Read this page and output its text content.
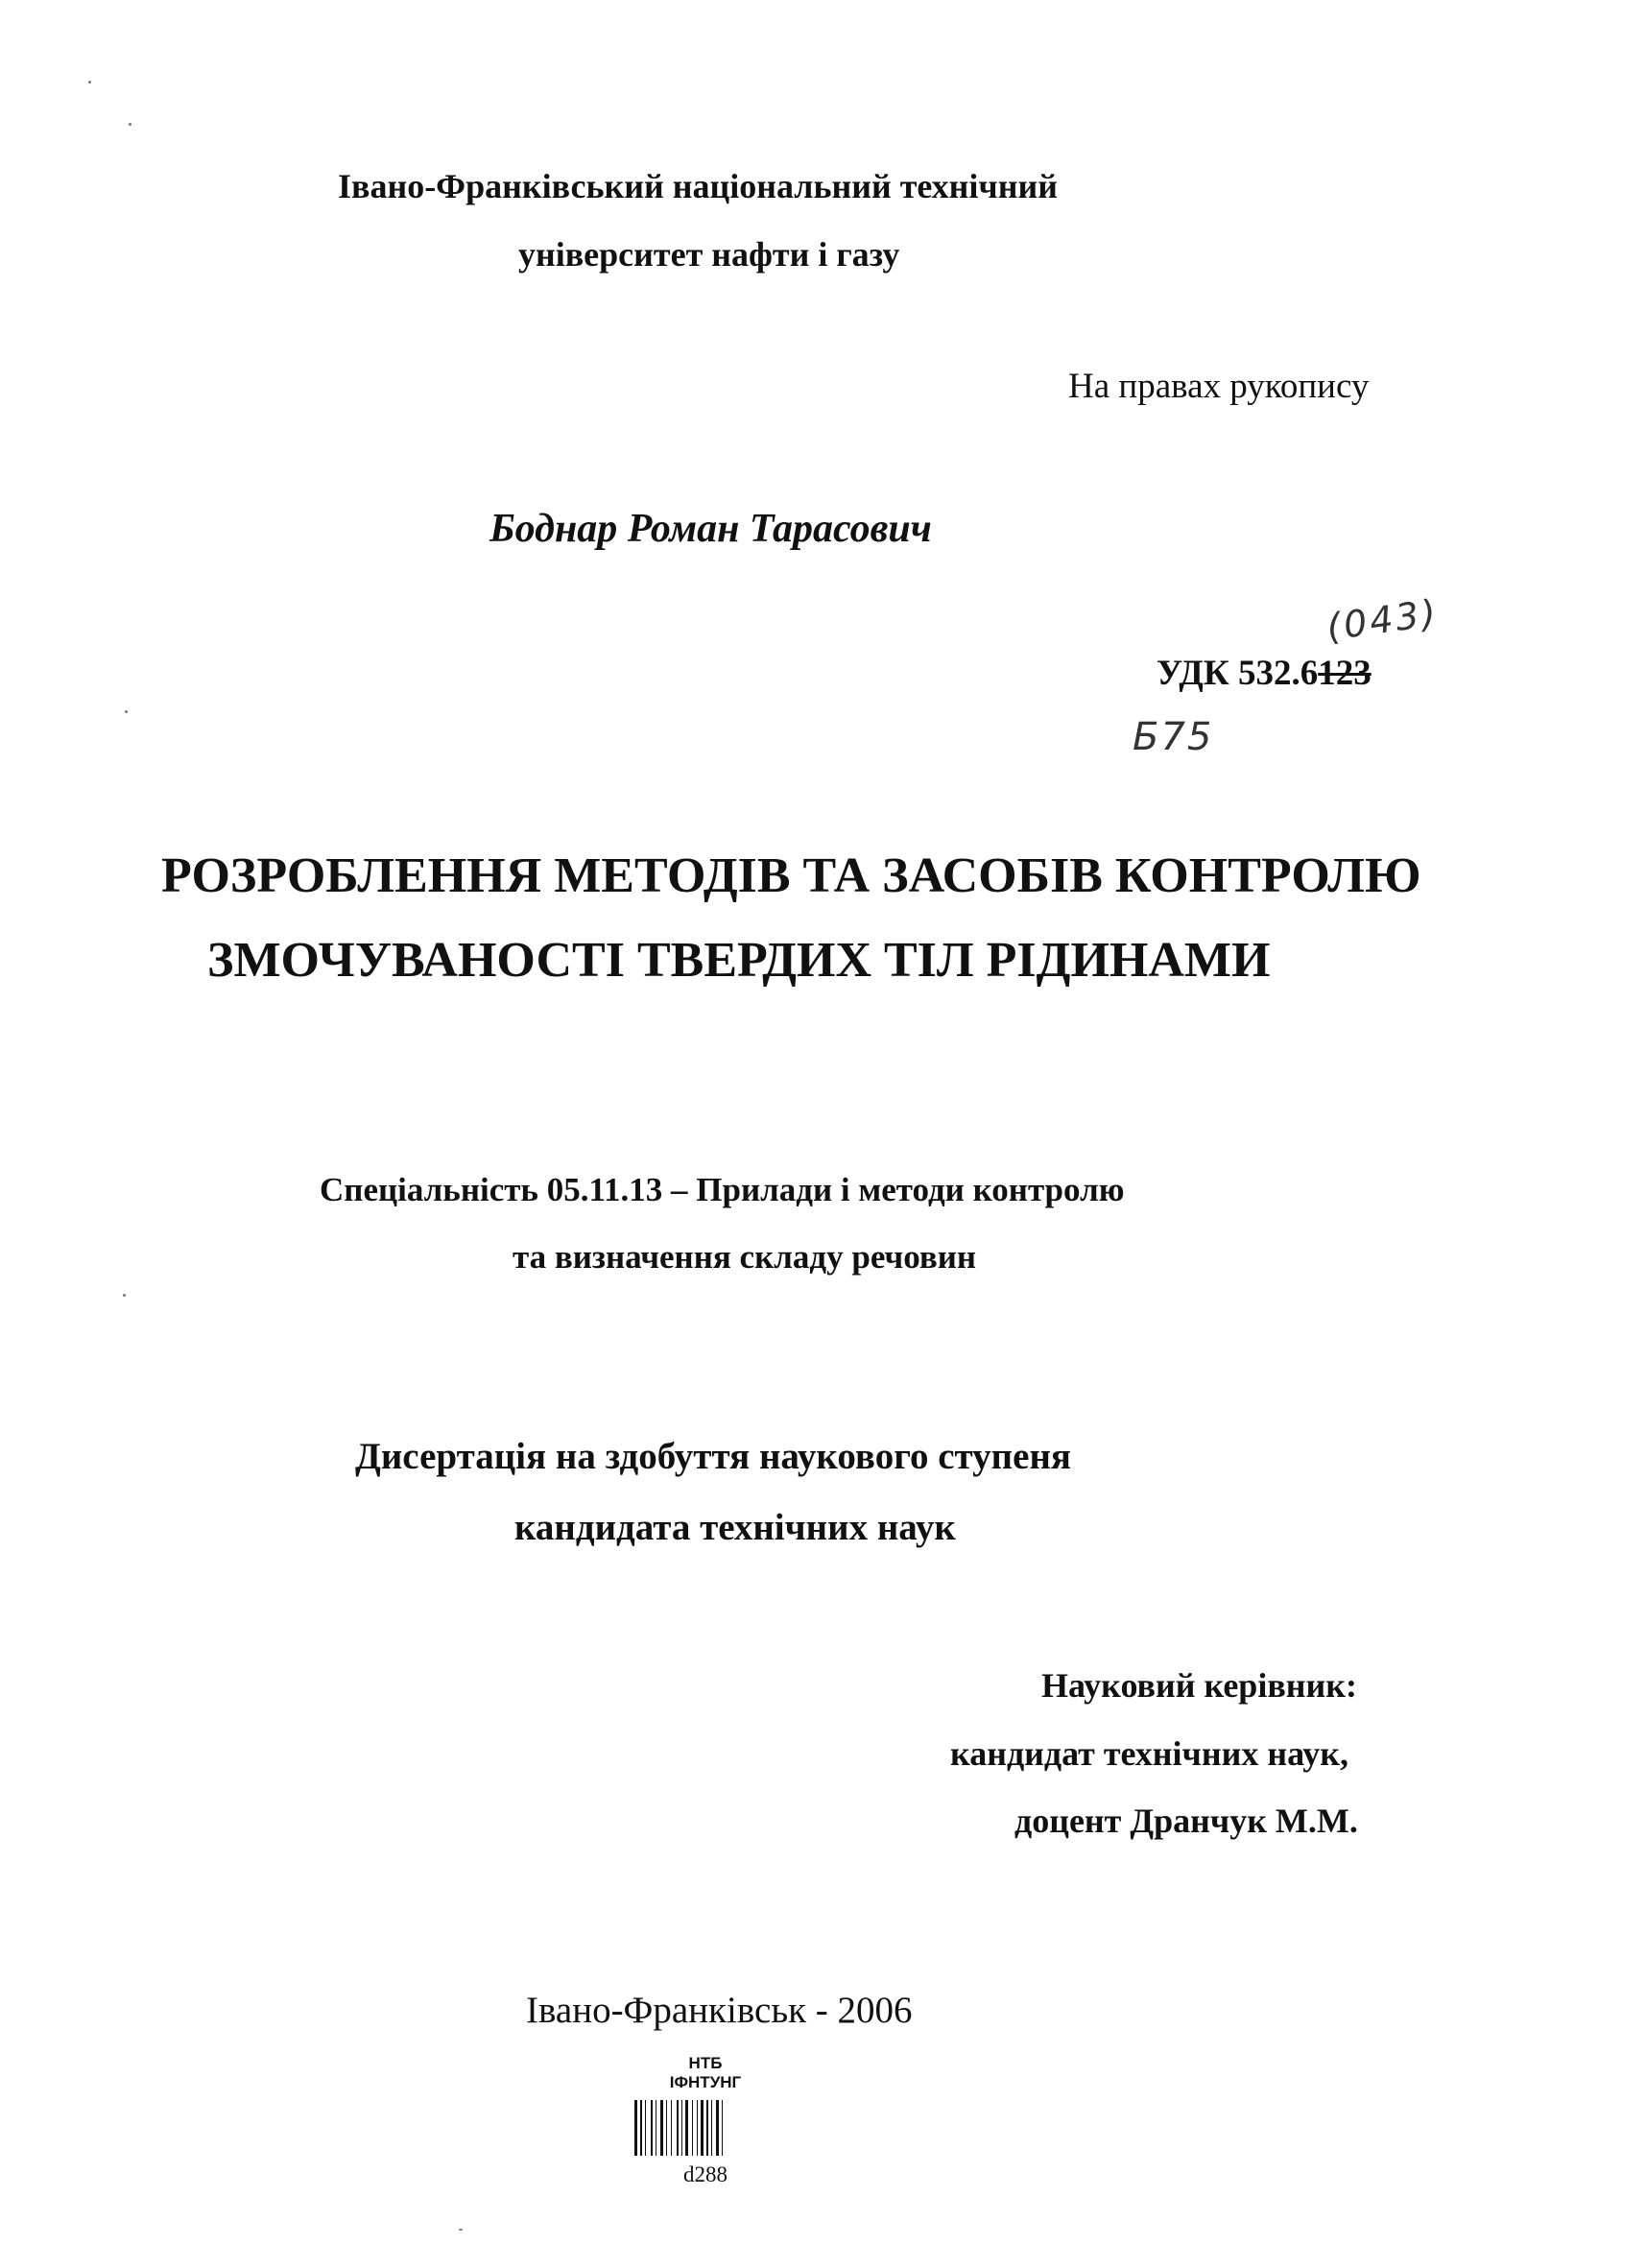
Івано-Франківський національний технічний
університет нафти і газу
На правах рукопису
Боднар Роман Тарасович
(043)
УДК 532.6123
Б75
РОЗРОБЛЕННЯ МЕТОДІВ ТА ЗАСОБІВ КОНТРОЛЮ
ЗМОЧУВАНОСТІ ТВЕРДИХ ТІЛ РІДИНАМИ
Спеціальність 05.11.13 – Прилади і методи контролю
та визначення складу речовин
Дисертація на здобуття наукового ступеня
кандидата технічних наук
Науковий керівник:
кандидат технічних наук,
доцент Дранчук М.М.
Івано-Франківськ - 2006
НТБ
ІФНТУНГ
d288
